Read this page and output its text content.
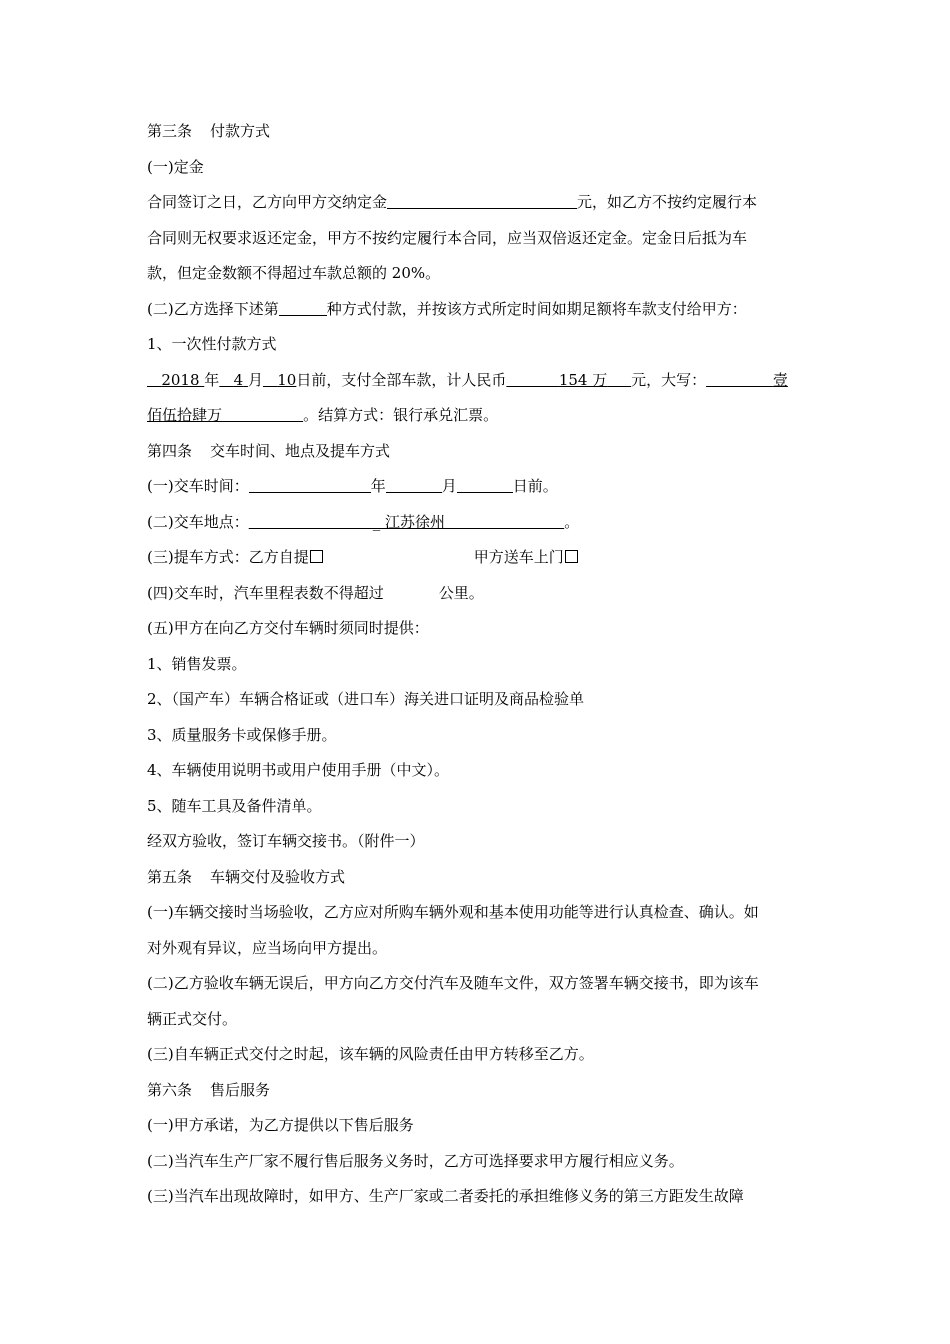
第三条 付款方式
(一)定金
合同签订之日，乙方向甲方交纳定金	元，如乙方不按约定履行本
合同则无权要求返还定金，甲方不按约定履行本合同，应当双倍返还定金。定金日后抵为车
款，但定金数额不得超过车款总额的 20%。
(二)乙方选择下述第	种方式付款，并按该方式所定时间如期足额将车款支付给甲方：
1、一次性付款方式
2018 年 4 月 10日前，支付全部车款，计人民币	154 万 元，大写：	壹
佰伍拾肆万	。结算方式：银行承兑汇票。
第四条 交车时间、地点及提车方式
(一)交车时间：	年	月	日前。
(二)交车地点：                          _ 江苏徐州	。
(三)提车方式：乙方自提	甲方送车上门
(四)交车时，汽车里程表数不得超过	公里。
(五)甲方在向乙方交付车辆时须同时提供：
1、销售发票。
2、（国产车）车辆合格证或（进口车）海关进口证明及商品检验单
3、质量服务卡或保修手册。
4、车辆使用说明书或用户使用手册（中文）。
5、随车工具及备件清单。
经双方验收，签订车辆交接书。（附件一）
第五条 车辆交付及验收方式
(一)车辆交接时当场验收，乙方应对所购车辆外观和基本使用功能等进行认真检查、确认。如
对外观有异议，应当场向甲方提出。
(二)乙方验收车辆无误后，甲方向乙方交付汽车及随车文件，双方签署车辆交接书，即为该车
辆正式交付。
(三)自车辆正式交付之时起，该车辆的风险责任由甲方转移至乙方。
第六条 售后服务
(一)甲方承诺，为乙方提供以下售后服务
(二)当汽车生产厂家不履行售后服务义务时，乙方可选择要求甲方履行相应义务。
(三)当汽车出现故障时，如甲方、生产厂家或二者委托的承担维修义务的第三方距发生故障
